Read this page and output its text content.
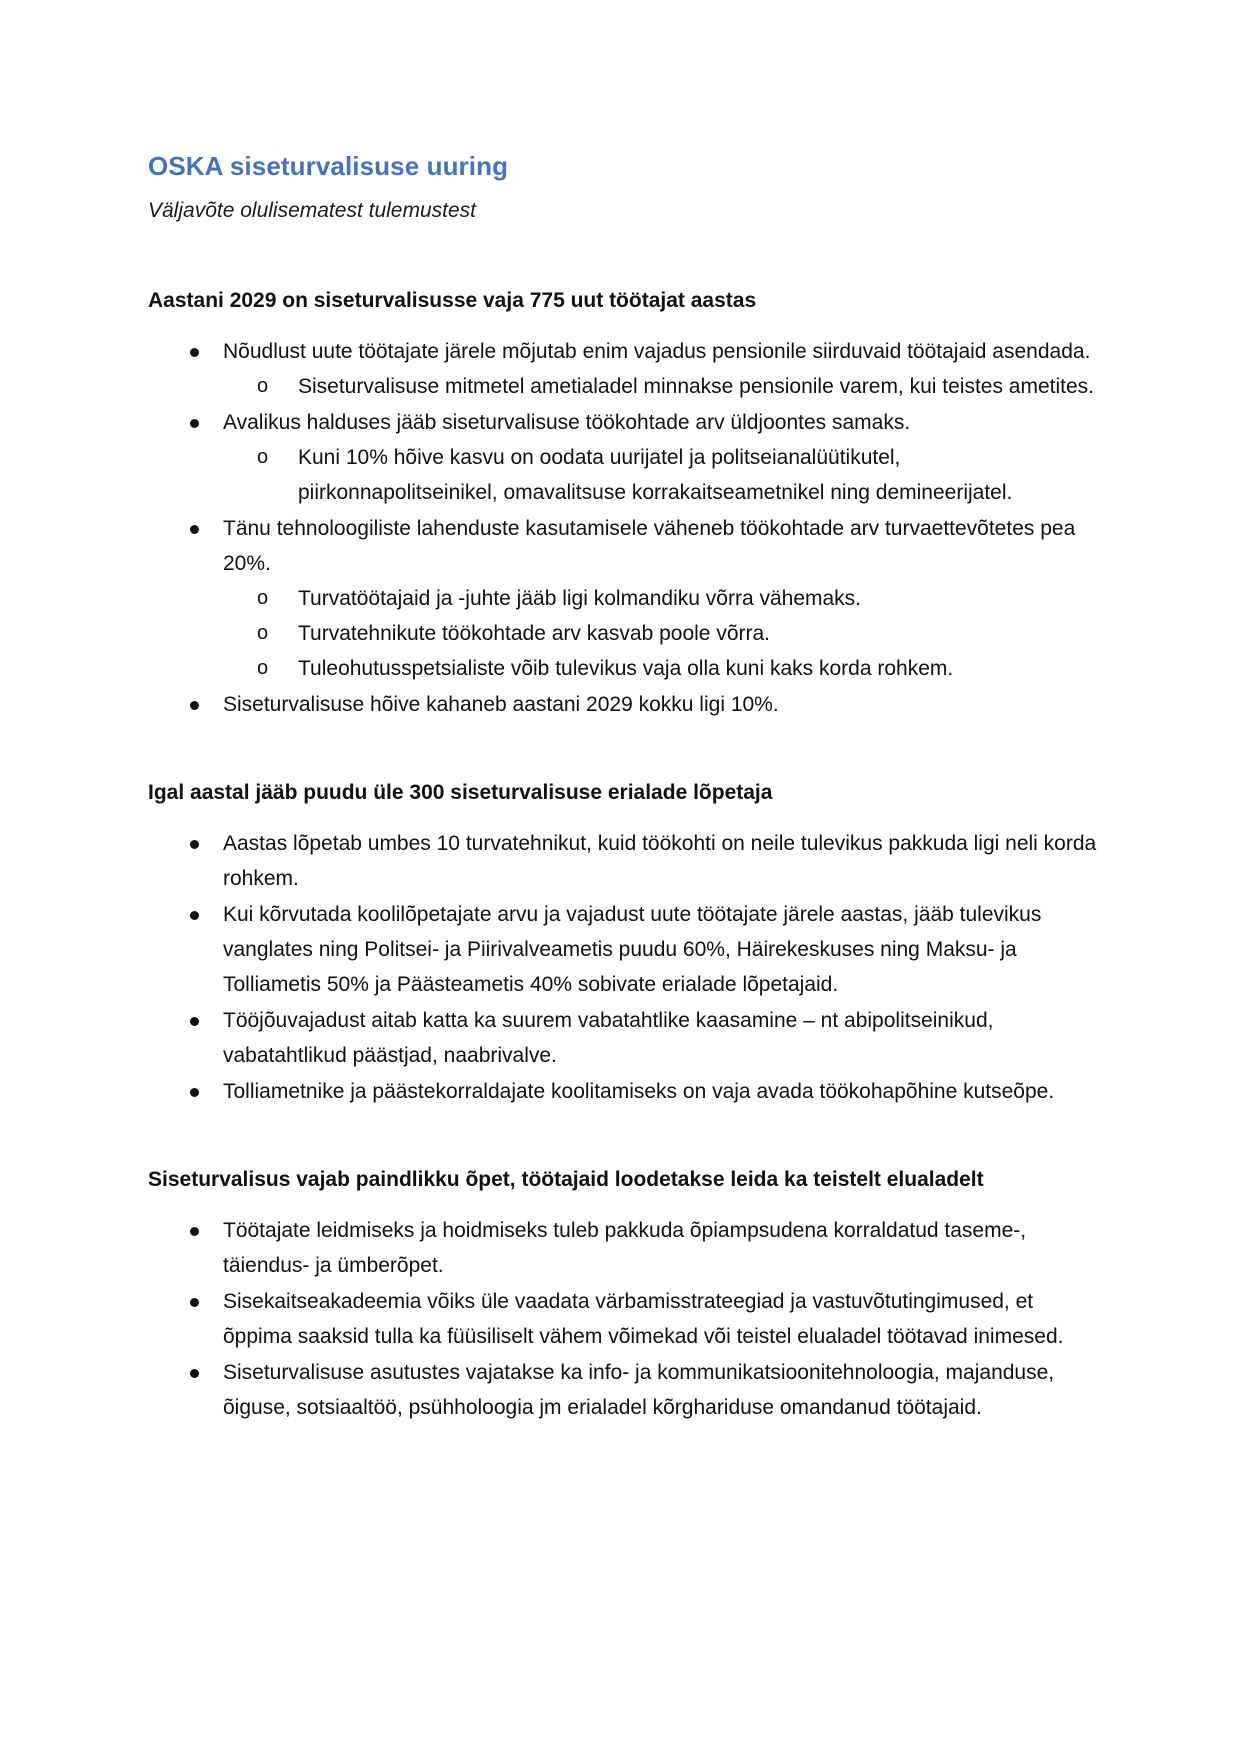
OSKA siseturvalisuse uuring

Väljavõte olulisematest tulemustest

Aastani 2029 on siseturvalisusse vaja 775 uut töötajat aastas
Nõudlust uute töötajate järele mõjutab enim vajadus pensionile siirduvaid töötajaid asendada.
o Siseturvalisuse mitmetel ametialadel minnakse pensionile varem, kui teistes ametites.
Avalikus halduses jääb siseturvalisuse töökohtade arv üldjoontes samaks.
o Kuni 10% hõive kasvu on oodata uurijatel ja politseianalüütikutel, piirkonnapolitseinikel, omavalitsuse korrakaitseametnikel ning demineerijatel.
Tänu tehnoloogiliste lahenduste kasutamisele väheneb töökohtade arv turvaettevõtetes pea 20%.
o Turvatöötajaid ja -juhte jääb ligi kolmandiku võrra vähemaks.
o Turvatehnikute töökohtade arv kasvab poole võrra.
o Tuleohutusspetsialiste võib tulevikus vaja olla kuni kaks korda rohkem.
Siseturvalisuse hõive kahaneb aastani 2029 kokku ligi 10%.
Igal aastal jääb puudu üle 300 siseturvalisuse erialade lõpetaja
Aastas lõpetab umbes 10 turvatehnikut, kuid töökohti on neile tulevikus pakkuda ligi neli korda rohkem.
Kui kõrvutada koolilõpetajate arvu ja vajadust uute töötajate järele aastas, jääb tulevikus vanglates ning Politsei- ja Piirivalveametis puudu 60%, Häirekeskuses ning Maksu- ja Tolliametis 50% ja Päästeametis 40% sobivate erialade lõpetajaid.
Tööjõuvajadust aitab katta ka suurem vabatahtlike kaasamine – nt abipolitseinikud, vabatahtlikud päästjad, naabrivalve.
Tolliametnike ja päästekorraldajate koolitamiseks on vaja avada töökohapõhine kutseõpe.
Siseturvalisus vajab paindlikku õpet, töötajaid loodetakse leida ka teistelt elualadelt
Töötajate leidmiseks ja hoidmiseks tuleb pakkuda õpiampsudena korraldatud taseme-, täiendus- ja ümberõpet.
Sisekaitseakadeemia võiks üle vaadata värbamisstrateegiad ja vastuvõtutingimused, et õppima saaksid tulla ka füüsiliselt vähem võimekad või teistel elualadel töötavad inimesed.
Siseturvalisuse asutustes vajatakse ka info- ja kommunikatsioonitehnoloogia, majanduse, õiguse, sotsiaaltöö, psühholoogia jm erialadel kõrghariduse omandanud töötajaid.
